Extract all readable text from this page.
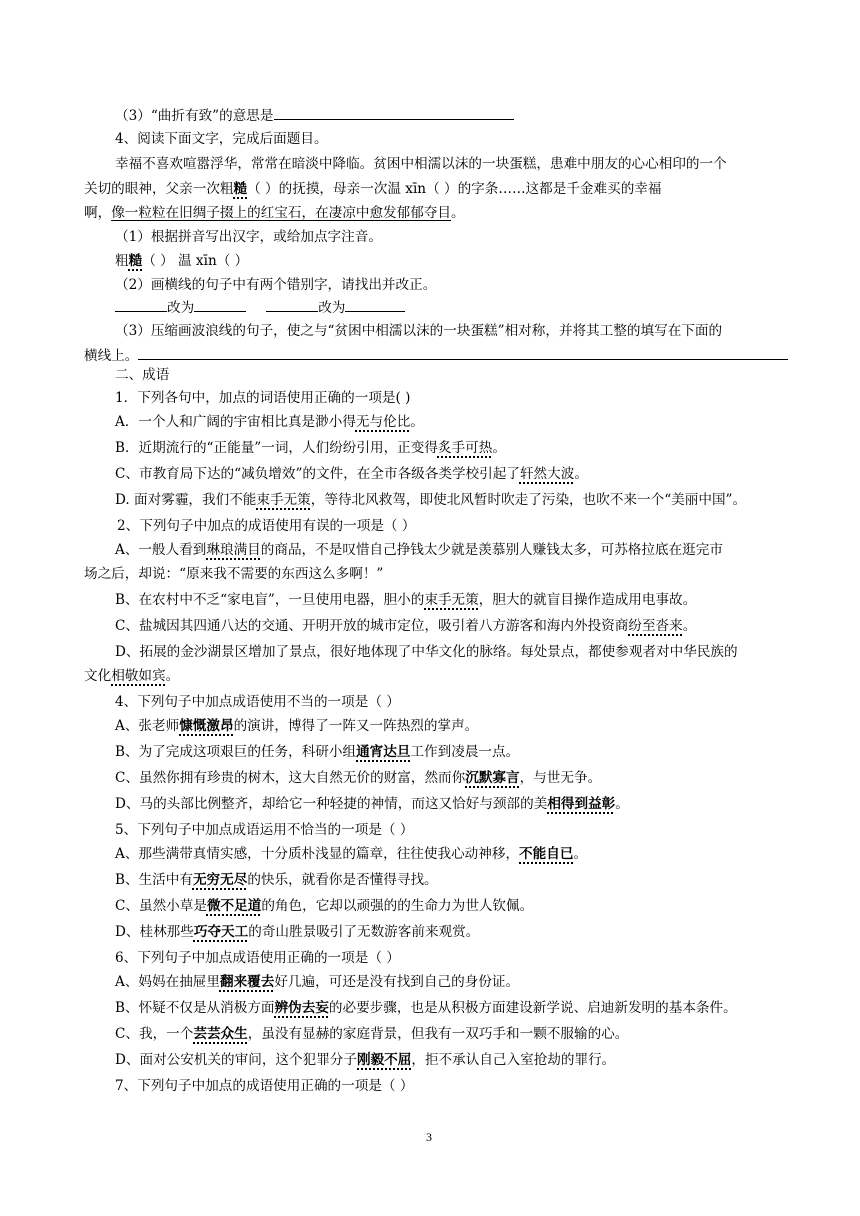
（3）“曲折有致”的意思是
4、阅读下面文字，完成后面题目。
幸福不喜欢喧嚣浮华，常常在暗淡中降临。贫困中相濡以沫的一块蛋糕，患难中朋友的心心相印的一个
关切的眼神，父亲一次粗糙（ ）的抚摸，母亲一次温 xīn（ ）的字条……这都是千金难买的幸福
啊，像一粒粒在旧绸子掇上的红宝石，在凄凉中愈发郁郁夺目。
（1）根据拼音写出汉字，或给加点字注音。
粗糙（ ） 温 xīn（ ）
（2）画横线的句子中有两个错别字，请找出并改正。
改为	改为
（3）压缩画波浪线的句子，使之与“贫困中相濡以沫的一块蛋糕”相对称，并将其工整的填写在下面的
横线上。
二、成语
1．下列各句中，加点的词语使用正确的一项是( )
A．一个人和广阔的宇宙相比真是渺小得无与伦比。
B．近期流行的“正能量”一词，人们纷纷引用，正变得炙手可热。
C、市教育局下达的“减负增效”的文件，在全市各级各类学校引起了轩然大波。
D. 面对雾霾，我们不能束手无策，等待北风救驾，即使北风暂时吹走了污染，也吹不来一个“美丽中国”。
2、下列句子中加点的成语使用有误的一项是（ ）
A、一般人看到琳琅满目的商品，不是叹惜自己挣钱太少就是羡慕别人赚钱太多，可苏格拉底在逛完市
场之后，却说：“原来我不需要的东西这么多啊！”
B、在农村中不乏“家电盲”，一旦使用电器，胆小的束手无策，胆大的就盲目操作造成用电事故。
C、盐城因其四通八达的交通、开明开放的城市定位，吸引着八方游客和海内外投资商纷至沓来。
D、拓展的金沙湖景区增加了景点，很好地体现了中华文化的脉络。每处景点，都使参观者对中华民族的
文化相敬如宾。
4、下列句子中加点成语使用不当的一项是（ ）
A、张老师慷慨激昂的演讲，博得了一阵又一阵热烈的掌声。
B、为了完成这项艰巨的任务，科研小组通宵达旦工作到凌晨一点。
C、虽然你拥有珍贵的树木，这大自然无价的财富，然而你沉默寡言，与世无争。
D、马的头部比例整齐，却给它一种轻捷的神情，而这又恰好与颈部的美相得到益彰。
5、下列句子中加点成语运用不恰当的一项是（ ）
A、那些满带真情实感，十分质朴浅显的篇章，往往使我心动神移，不能自已。
B、生活中有无穷无尽的快乐，就看你是否懂得寻找。
C、虽然小草是微不足道的角色，它却以顽强的的生命力为世人钦佩。
D、桂林那些巧夺天工的奇山胜景吸引了无数游客前来观赏。
6、下列句子中加点成语使用正确的一项是（ ）
A、妈妈在抽屉里翻来覆去好几遍，可还是没有找到自己的身份证。
B、怀疑不仅是从消极方面辨伪去妄的必要步骤，也是从积极方面建设新学说、启迪新发明的基本条件。
C、我，一个芸芸众生，虽没有显赫的家庭背景，但我有一双巧手和一颗不服输的心。
D、面对公安机关的审问，这个犯罪分子刚毅不屈，拒不承认自己入室抢劫的罪行。
7、下列句子中加点的成语使用正确的一项是（ ）
3
